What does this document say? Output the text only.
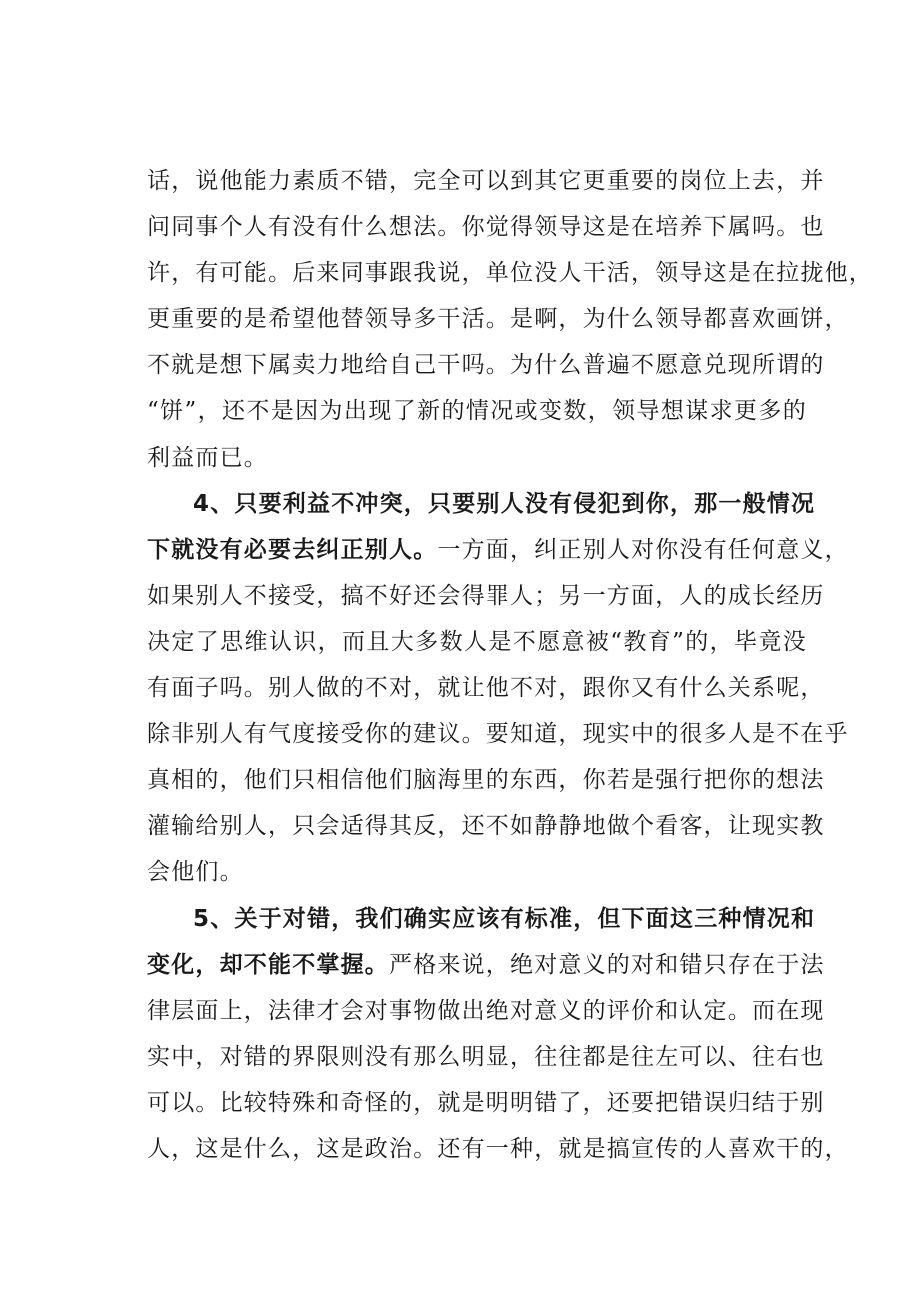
话，说他能力素质不错，完全可以到其它更重要的岗位上去，并
问同事个人有没有什么想法。你觉得领导这是在培养下属吗。也
许，有可能。后来同事跟我说，单位没人干活，领导这是在拉拢他，
更重要的是希望他替领导多干活。是啊，为什么领导都喜欢画饼，
不就是想下属卖力地给自己干吗。为什么普遍不愿意兑现所谓的
“饼”，还不是因为出现了新的情况或变数，领导想谋求更多的
利益而已。
4、只要利益不冲突，只要别人没有侵犯到你，那一般情况
下就没有必要去纠正别人。一方面，纠正别人对你没有任何意义，
如果别人不接受，搞不好还会得罪人；另一方面，人的成长经历
决定了思维认识，而且大多数人是不愿意被“教育”的，毕竟没
有面子吗。别人做的不对，就让他不对，跟你又有什么关系呢，
除非别人有气度接受你的建议。要知道，现实中的很多人是不在乎
真相的，他们只相信他们脑海里的东西，你若是强行把你的想法
灌输给别人，只会适得其反，还不如静静地做个看客，让现实教
会他们。
5、关于对错，我们确实应该有标准，但下面这三种情况和
变化，却不能不掌握。严格来说，绝对意义的对和错只存在于法
律层面上，法律才会对事物做出绝对意义的评价和认定。而在现
实中，对错的界限则没有那么明显，往往都是往左可以、往右也
可以。比较特殊和奇怪的，就是明明错了，还要把错误归结于别
人，这是什么，这是政治。还有一种，就是搞宣传的人喜欢干的，
